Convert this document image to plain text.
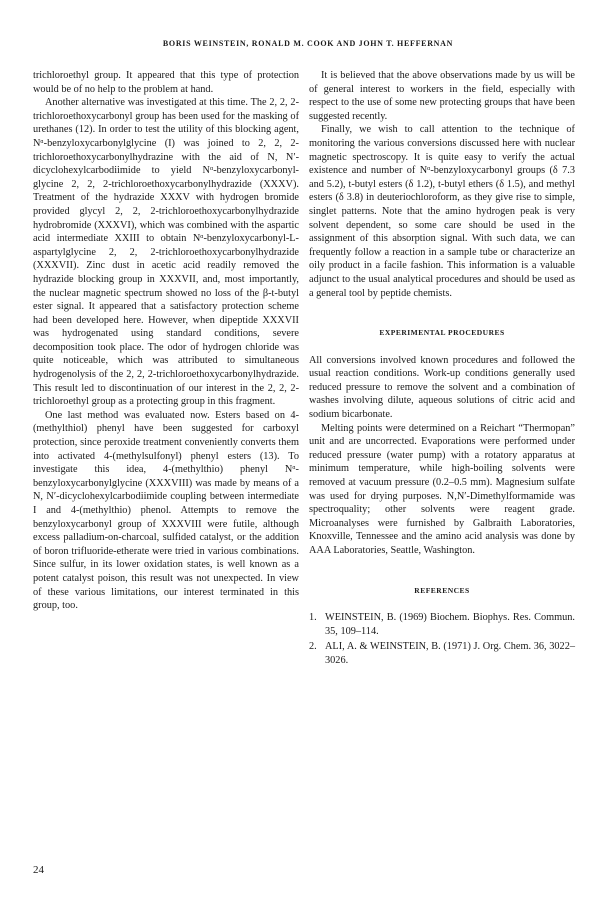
BORIS WEINSTEIN, RONALD M. COOK AND JOHN T. HEFFERNAN

trichloroethyl group. It appeared that this type of protection would be of no help to the problem at hand.

Another alternative was investigated at this time. The 2, 2, 2-trichloroethoxycarbonyl group has been used for the masking of urethanes (12). In order to test the utility of this blocking agent, Nᵅ-benzyloxycarbonylglycine (I) was joined to 2, 2, 2-trichloroethoxycarbonylhydrazine with the aid of N, N′-dicyclohexylcarbodiimide to yield Nᵅ-benzyloxycarbonyl-glycine 2, 2, 2-trichloroethoxycarbonylhydrazide (XXXV). Treatment of the hydrazide XXXV with hydrogen bromide provided glycyl 2, 2, 2-trichloroethoxycarbonylhydrazide hydrobromide (XXXVI), which was combined with the aspartic acid intermediate XXIII to obtain Nᵅ-benzyloxycarbonyl-L-aspartylglycine 2, 2, 2-trichloroethoxycarbonylhydrazide (XXXVII). Zinc dust in acetic acid readily removed the hydrazide blocking group in XXXVII, and, most importantly, the nuclear magnetic spectrum showed no loss of the β-t-butyl ester signal. It appeared that a satisfactory protection scheme had been developed here. However, when dipeptide XXXVII was hydrogenated using standard conditions, severe decomposition took place. The odor of hydrogen chloride was quite noticeable, which was attributed to simultaneous hydrogenolysis of the 2, 2, 2-trichloroethoxycarbonylhydrazide. This result led to discontinuation of our interest in the 2, 2, 2-trichloroethyl group as a protecting group in this fragment.

One last method was evaluated now. Esters based on 4-(methylthiol) phenyl have been suggested for carboxyl protection, since peroxide treatment conveniently converts them into activated 4-(methylsulfonyl) phenyl esters (13). To investigate this idea, 4-(methylthio) phenyl Nᵅ-benzyloxycarbonylglycine (XXXVIII) was made by means of a N, N′-dicyclohexylcarbodiimide coupling between intermediate I and 4-(methylthio) phenol. Attempts to remove the benzyloxycarbonyl group of XXXVIII were futile, although excess palladium-on-charcoal, sulfided catalyst, or the addition of boron trifluoride-etherate were tried in various combinations. Since sulfur, in its lower oxidation states, is well known as a potent catalyst poison, this result was not unexpected. In view of these various limitations, our interest terminated in this group, too.

It is believed that the above observations made by us will be of general interest to workers in the field, especially with respect to the use of some new protecting groups that have been suggested recently.

Finally, we wish to call attention to the technique of monitoring the various conversions discussed here with nuclear magnetic spectroscopy. It is quite easy to verify the actual existence and number of Nᵅ-benzyloxycarbonyl groups (δ 7.3 and 5.2), t-butyl esters (δ 1.2), t-butyl ethers (δ 1.5), and methyl esters (δ 3.8) in deuteriochloroform, as they give rise to simple, singlet patterns. Note that the amino hydrogen peak is very solvent dependent, so some care should be used in the assignment of this absorption signal. With such data, we can frequently follow a reaction in a sample tube or characterize an oily product in a facile fashion. This information is a valuable adjunct to the usual analytical procedures and should be used as a general tool by peptide chemists.

EXPERIMENTAL PROCEDURES

All conversions involved known procedures and followed the usual reaction conditions. Work-up conditions generally used reduced pressure to remove the solvent and a combination of washes involving dilute, aqueous solutions of citric acid and sodium bicarbonate.

Melting points were determined on a Reichart “Thermopan” unit and are uncorrected. Evaporations were performed under reduced pressure (water pump) with a rotatory apparatus at minimum temperature, while high-boiling solvents were removed at vacuum pressure (0.2–0.5 mm). Magnesium sulfate was used for drying purposes. N,N′-Dimethylformamide was spectroquality; other solvents were reagent grade. Microanalyses were furnished by Galbraith Laboratories, Knoxville, Tennessee and the amino acid analysis was done by AAA Laboratories, Seattle, Washington.

REFERENCES
1. WEINSTEIN, B. (1969) Biochem. Biophys. Res. Commun. 35, 109–114.
2. ALI, A. & WEINSTEIN, B. (1971) J. Org. Chem. 36, 3022–3026.
24
